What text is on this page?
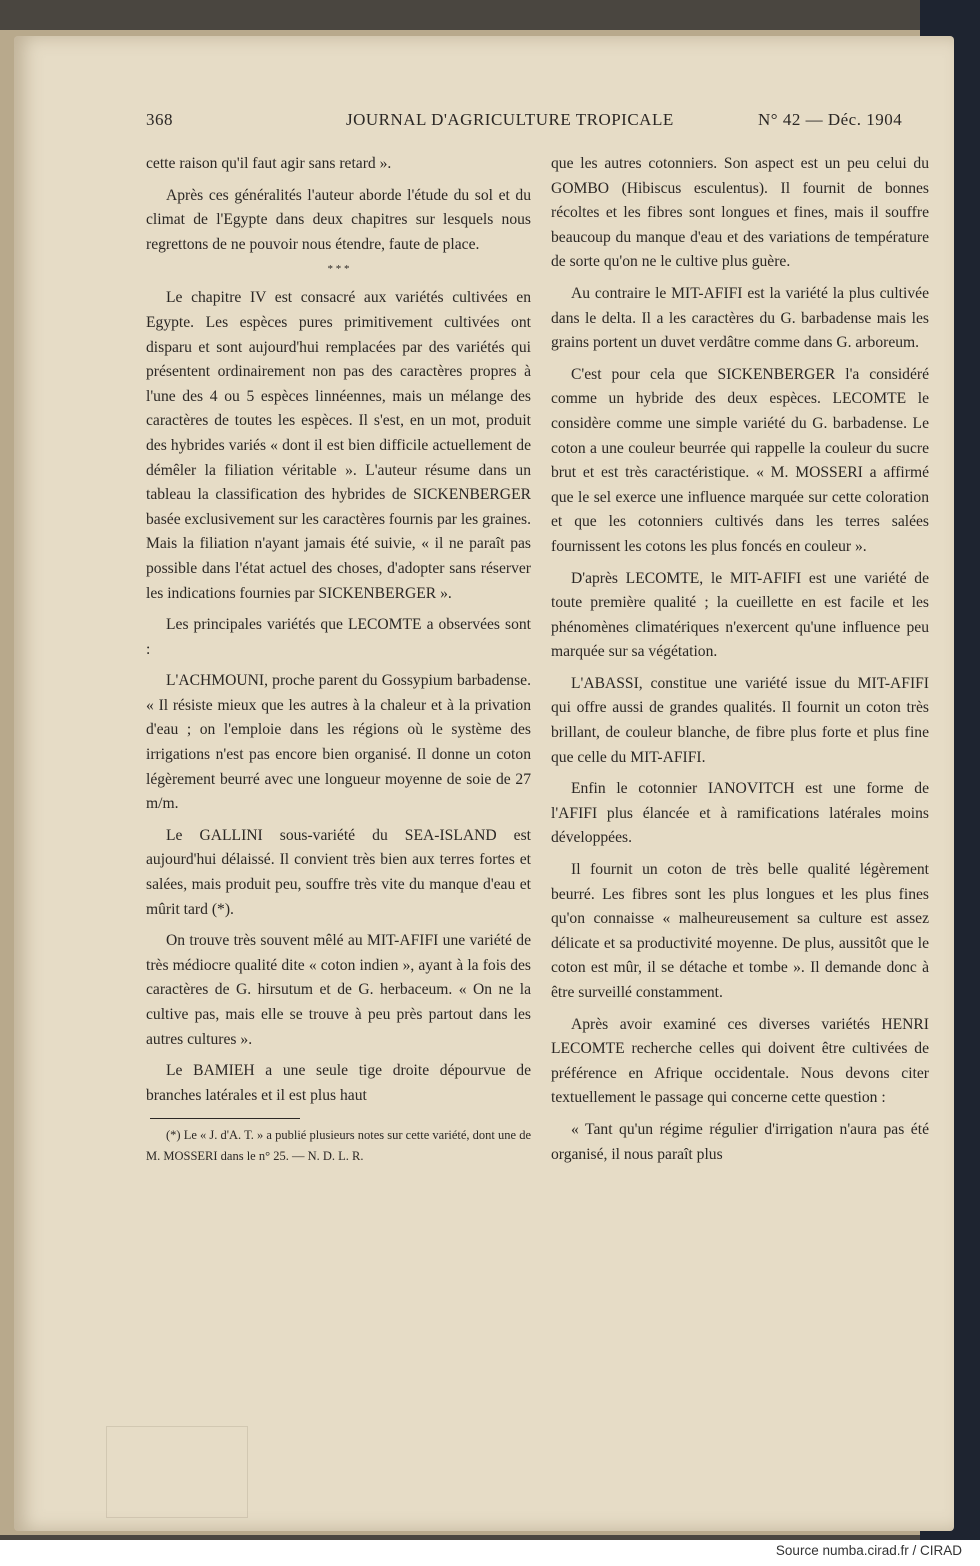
368	JOURNAL D'AGRICULTURE TROPICALE	N° 42 — Déc. 1904

cette raison qu'il faut agir sans retard ».

Après ces généralités l'auteur aborde l'étude du sol et du climat de l'Egypte dans deux chapitres sur lesquels nous regrettons de ne pouvoir nous étendre, faute de place.

* * *

Le chapitre IV est consacré aux variétés cultivées en Egypte. Les espèces pures primitivement cultivées ont disparu et sont aujourd'hui remplacées par des variétés qui présentent ordinairement non pas des caractères propres à l'une des 4 ou 5 espèces linnéennes, mais un mélange des caractères de toutes les espèces. Il s'est, en un mot, produit des hybrides variés « dont il est bien difficile actuellement de démêler la filiation véritable ». L'auteur résume dans un tableau la classification des hybrides de SICKENBERGER basée exclusivement sur les caractères fournis par les graines. Mais la filiation n'ayant jamais été suivie, « il ne paraît pas possible dans l'état actuel des choses, d'adopter sans réserver les indications fournies par SICKENBERGER ».

Les principales variétés que LECOMTE a observées sont :

L'ACHMOUNI, proche parent du Gossypium barbadense. « Il résiste mieux que les autres à la chaleur et à la privation d'eau ; on l'emploie dans les régions où le système des irrigations n'est pas encore bien organisé. Il donne un coton légèrement beurré avec une longueur moyenne de soie de 27 m/m.

Le GALLINI sous-variété du SEA-ISLAND est aujourd'hui délaissé. Il convient très bien aux terres fortes et salées, mais produit peu, souffre très vite du manque d'eau et mûrit tard (*).

On trouve très souvent mêlé au MIT-AFIFI une variété de très médiocre qualité dite « coton indien », ayant à la fois des caractères de G. hirsutum et de G. herbaceum. « On ne la cultive pas, mais elle se trouve à peu près partout dans les autres cultures ».

Le BAMIEH a une seule tige droite dépourvue de branches latérales et il est plus haut

(*) Le « J. d'A. T. » a publié plusieurs notes sur cette variété, dont une de M. MOSSERI dans le n° 25. — N. D. L. R.

que les autres cotonniers. Son aspect est un peu celui du GOMBO (Hibiscus esculentus). Il fournit de bonnes récoltes et les fibres sont longues et fines, mais il souffre beaucoup du manque d'eau et des variations de température de sorte qu'on ne le cultive plus guère.

Au contraire le MIT-AFIFI est la variété la plus cultivée dans le delta. Il a les caractères du G. barbadense mais les grains portent un duvet verdâtre comme dans G. arboreum.

C'est pour cela que SICKENBERGER l'a considéré comme un hybride des deux espèces. LECOMTE le considère comme une simple variété du G. barbadense. Le coton a une couleur beurrée qui rappelle la couleur du sucre brut et est très caractéristique. « M. MOSSERI a affirmé que le sel exerce une influence marquée sur cette coloration et que les cotonniers cultivés dans les terres salées fournissent les cotons les plus foncés en couleur ».

D'après LECOMTE, le MIT-AFIFI est une variété de toute première qualité ; la cueillette en est facile et les phénomènes climatériques n'exercent qu'une influence peu marquée sur sa végétation.

L'ABASSI, constitue une variété issue du MIT-AFIFI qui offre aussi de grandes qualités. Il fournit un coton très brillant, de couleur blanche, de fibre plus forte et plus fine que celle du MIT-AFIFI.

Enfin le cotonnier IANOVITCH est une forme de l'AFIFI plus élancée et à ramifications latérales moins développées.

Il fournit un coton de très belle qualité légèrement beurré. Les fibres sont les plus longues et les plus fines qu'on connaisse « malheureusement sa culture est assez délicate et sa productivité moyenne. De plus, aussitôt que le coton est mûr, il se détache et tombe ». Il demande donc à être surveillé constamment.

Après avoir examiné ces diverses variétés HENRI LECOMTE recherche celles qui doivent être cultivées de préférence en Afrique occidentale. Nous devons citer textuellement le passage qui concerne cette question :

« Tant qu'un régime régulier d'irrigation n'aura pas été organisé, il nous paraît plus

Source numba.cirad.fr / CIRAD
